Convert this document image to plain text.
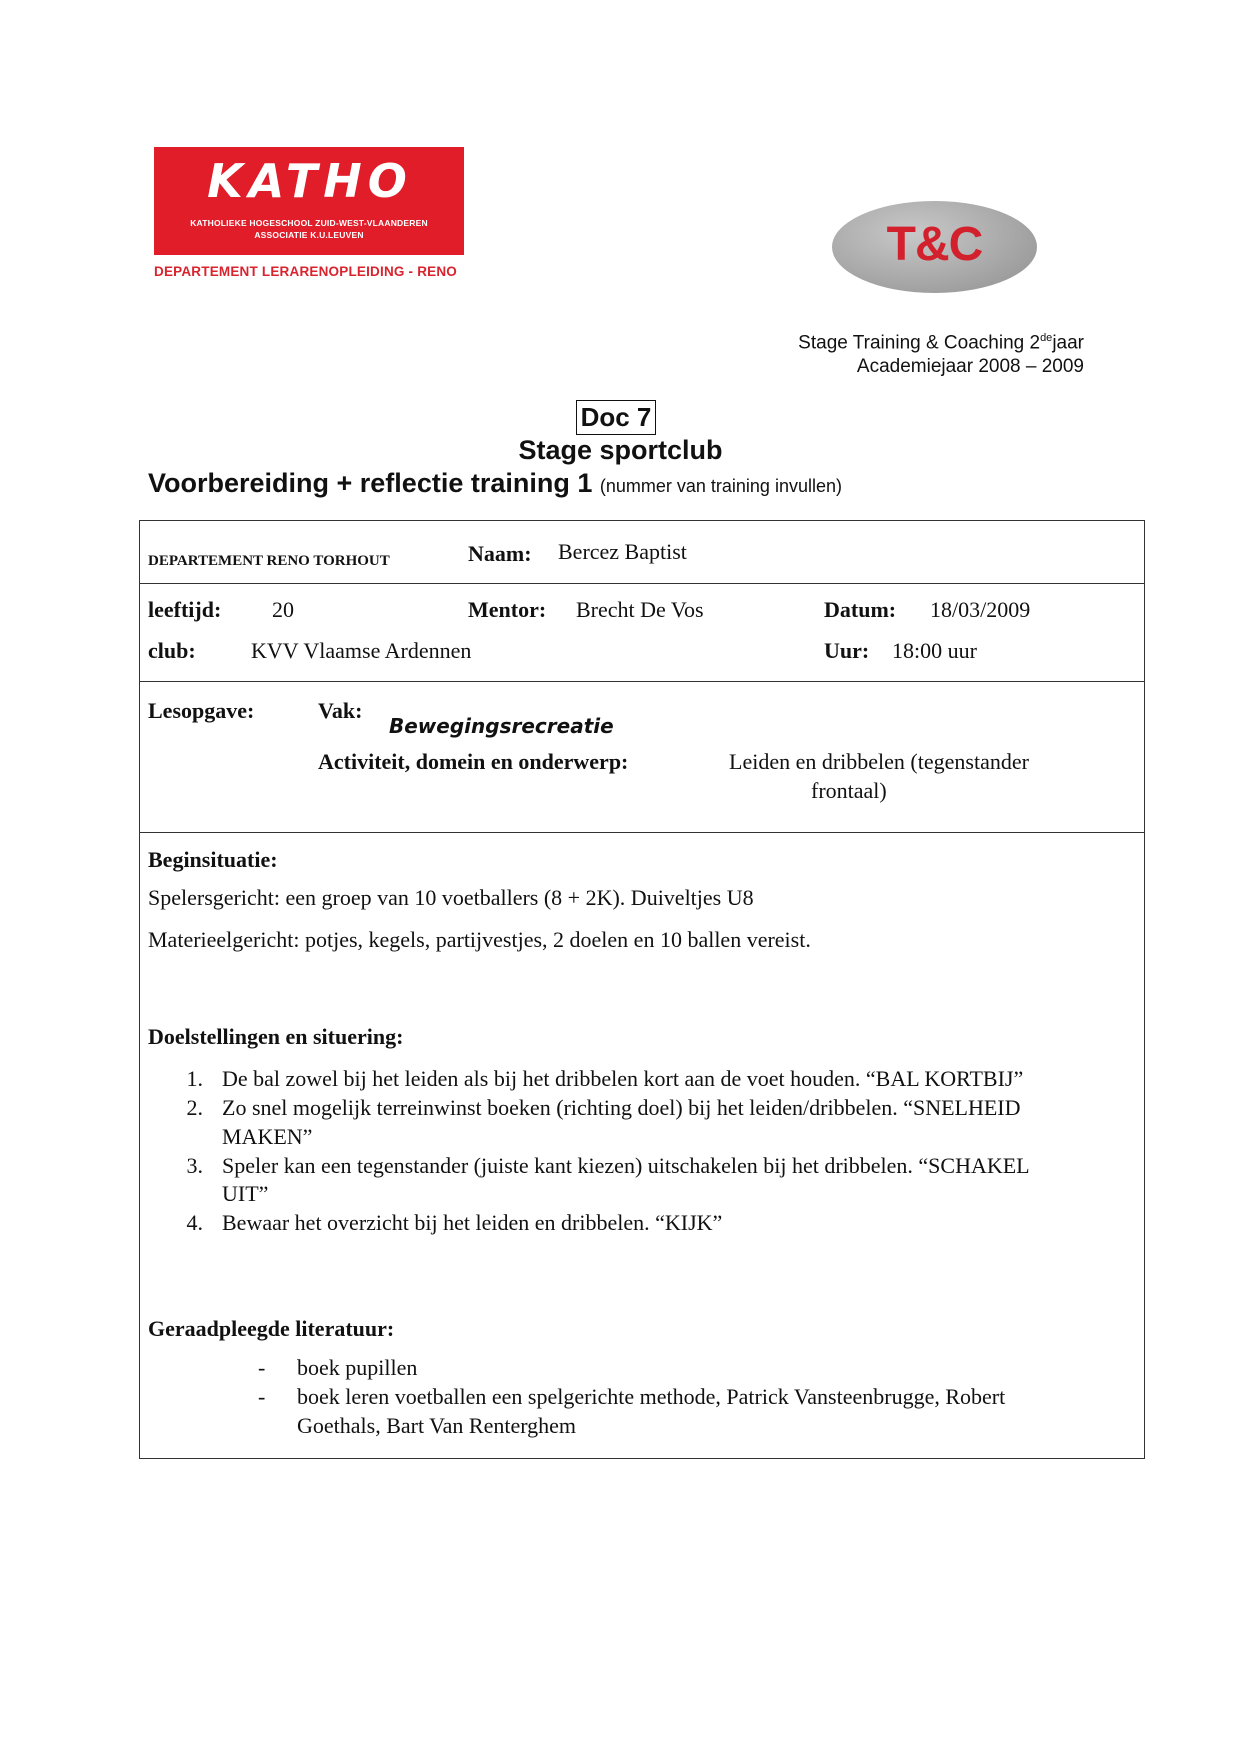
KATHO
KATHOLIEKE HOGESCHOOL ZUID-WEST-VLAANDEREN
ASSOCIATIE K.U.LEUVEN
DEPARTEMENT LERARENOPLEIDING - RENO
T&C
Stage Training & Coaching 2dejaar
Academiejaar 2008 – 2009
Doc 7
Stage sportclub
Voorbereiding + reflectie training 1 (nummer van training invullen)
DEPARTEMENT RENO TORHOUT	Naam: Bercez Baptist
leeftijd: 20	Mentor: Brecht De Vos	Datum: 18/03/2009
club:	KVV Vlaamse Ardennen	Uur: 18:00 uur
Lesopgave:	Vak:
Bewegingsrecreatie
Activiteit, domein en onderwerp:	Leiden en dribbelen (tegenstander
frontaal)
Beginsituatie:
Spelersgericht: een groep van 10 voetballers (8 + 2K). Duiveltjes U8
Materieelgericht: potjes, kegels, partijvestjes, 2 doelen en 10 ballen vereist.
Doelstellingen en situering:
1. De bal zowel bij het leiden als bij het dribbelen kort aan de voet houden. “BAL KORTBIJ”
2. Zo snel mogelijk terreinwinst boeken (richting doel) bij het leiden/dribbelen. “SNELHEID
MAKEN”
3. Speler kan een tegenstander (juiste kant kiezen) uitschakelen bij het dribbelen. “SCHAKEL
UIT”
4. Bewaar het overzicht bij het leiden en dribbelen. “KIJK”
Geraadpleegde literatuur:
- boek pupillen
- boek leren voetballen een spelgerichte methode, Patrick Vansteenbrugge, Robert
Goethals, Bart Van Renterghem
